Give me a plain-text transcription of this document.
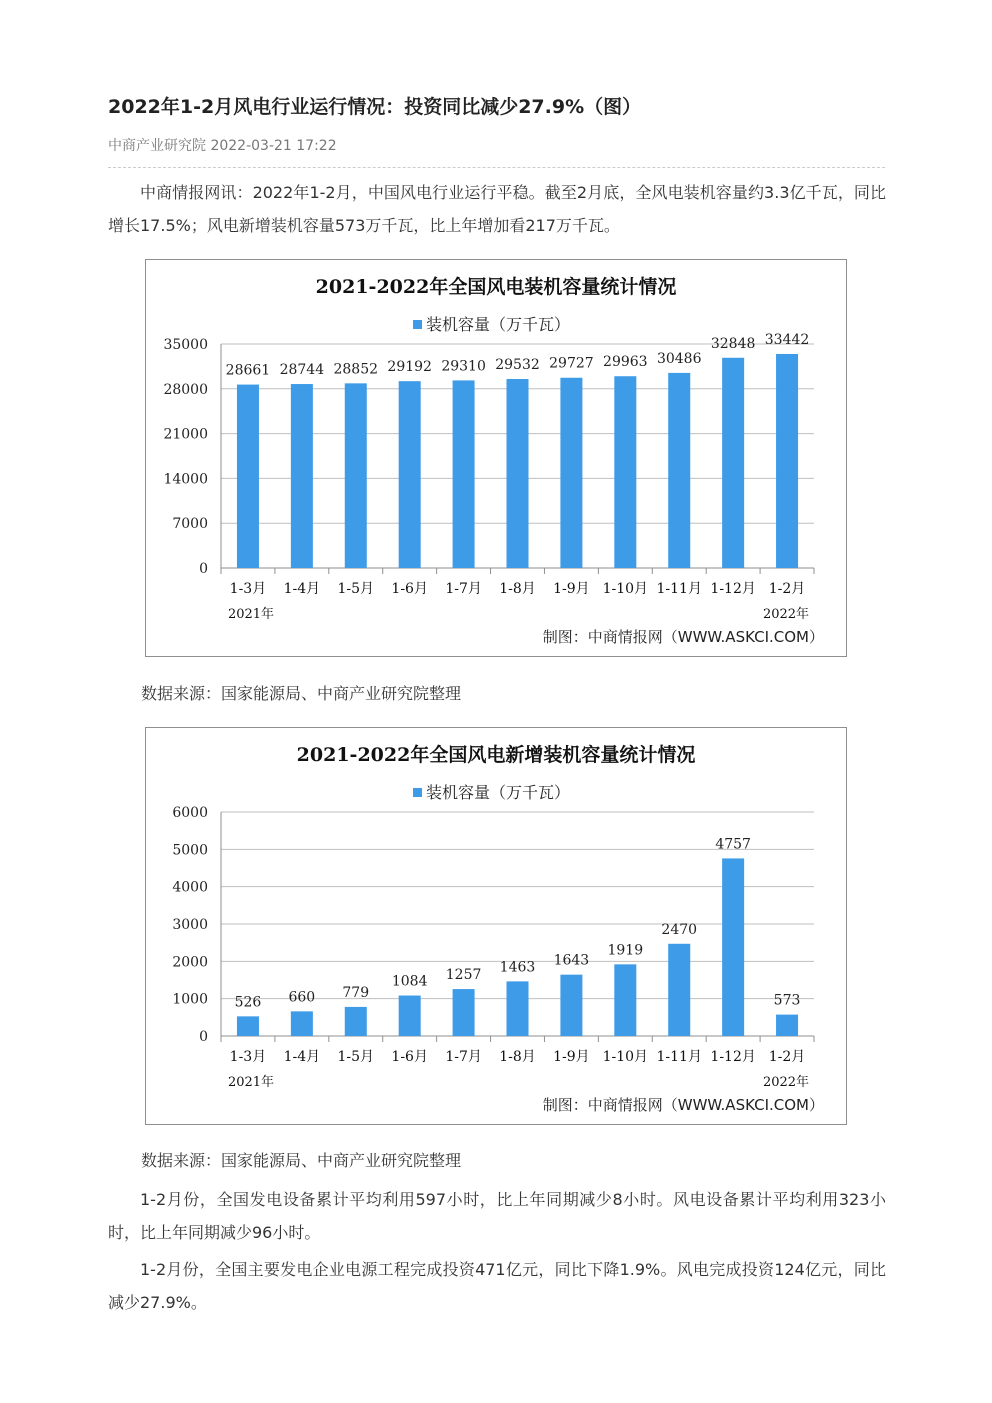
2022年1-2月风电行业运行情况：投资同比减少27.9%（图）
中商产业研究院 2022-03-21 17:22

中商情报网讯：2022年1-2月，中国风电行业运行平稳。截至2月底，全风电装机容量约3.3亿千瓦，同比增长17.5%；风电新增装机容量573万千瓦，比上年增加看217万千瓦。

2021-2022年全国风电装机容量统计情况
装机容量（万千瓦）
0
7000
14000
21000
28000
35000
28661
1-3月
28744
1-4月
28852
1-5月
29192
1-6月
29310
1-7月
29532
1-8月
29727
1-9月
29963
1-10月
30486
1-11月
32848
1-12月
33442
1-2月
2021年	2022年
制图：中商情报网（WWW.ASKCI.COM）
数据来源：国家能源局、中商产业研究院整理
2021-2022年全国风电新增装机容量统计情况
装机容量（万千瓦）
0
1000
2000
3000
4000
5000
6000
526
1-3月
660
1-4月
779
1-5月
1084
1-6月
1257
1-7月
1463
1-8月
1643
1-9月
1919
1-10月
2470
1-11月
4757
1-12月
573
1-2月
2021年	2022年
制图：中商情报网（WWW.ASKCI.COM）
数据来源：国家能源局、中商产业研究院整理

1-2月份，全国发电设备累计平均利用597小时，比上年同期减少8小时。风电设备累计平均利用323小时，比上年同期减少96小时。

1-2月份，全国主要发电企业电源工程完成投资471亿元，同比下降1.9%。风电完成投资124亿元，同比减少27.9%。
